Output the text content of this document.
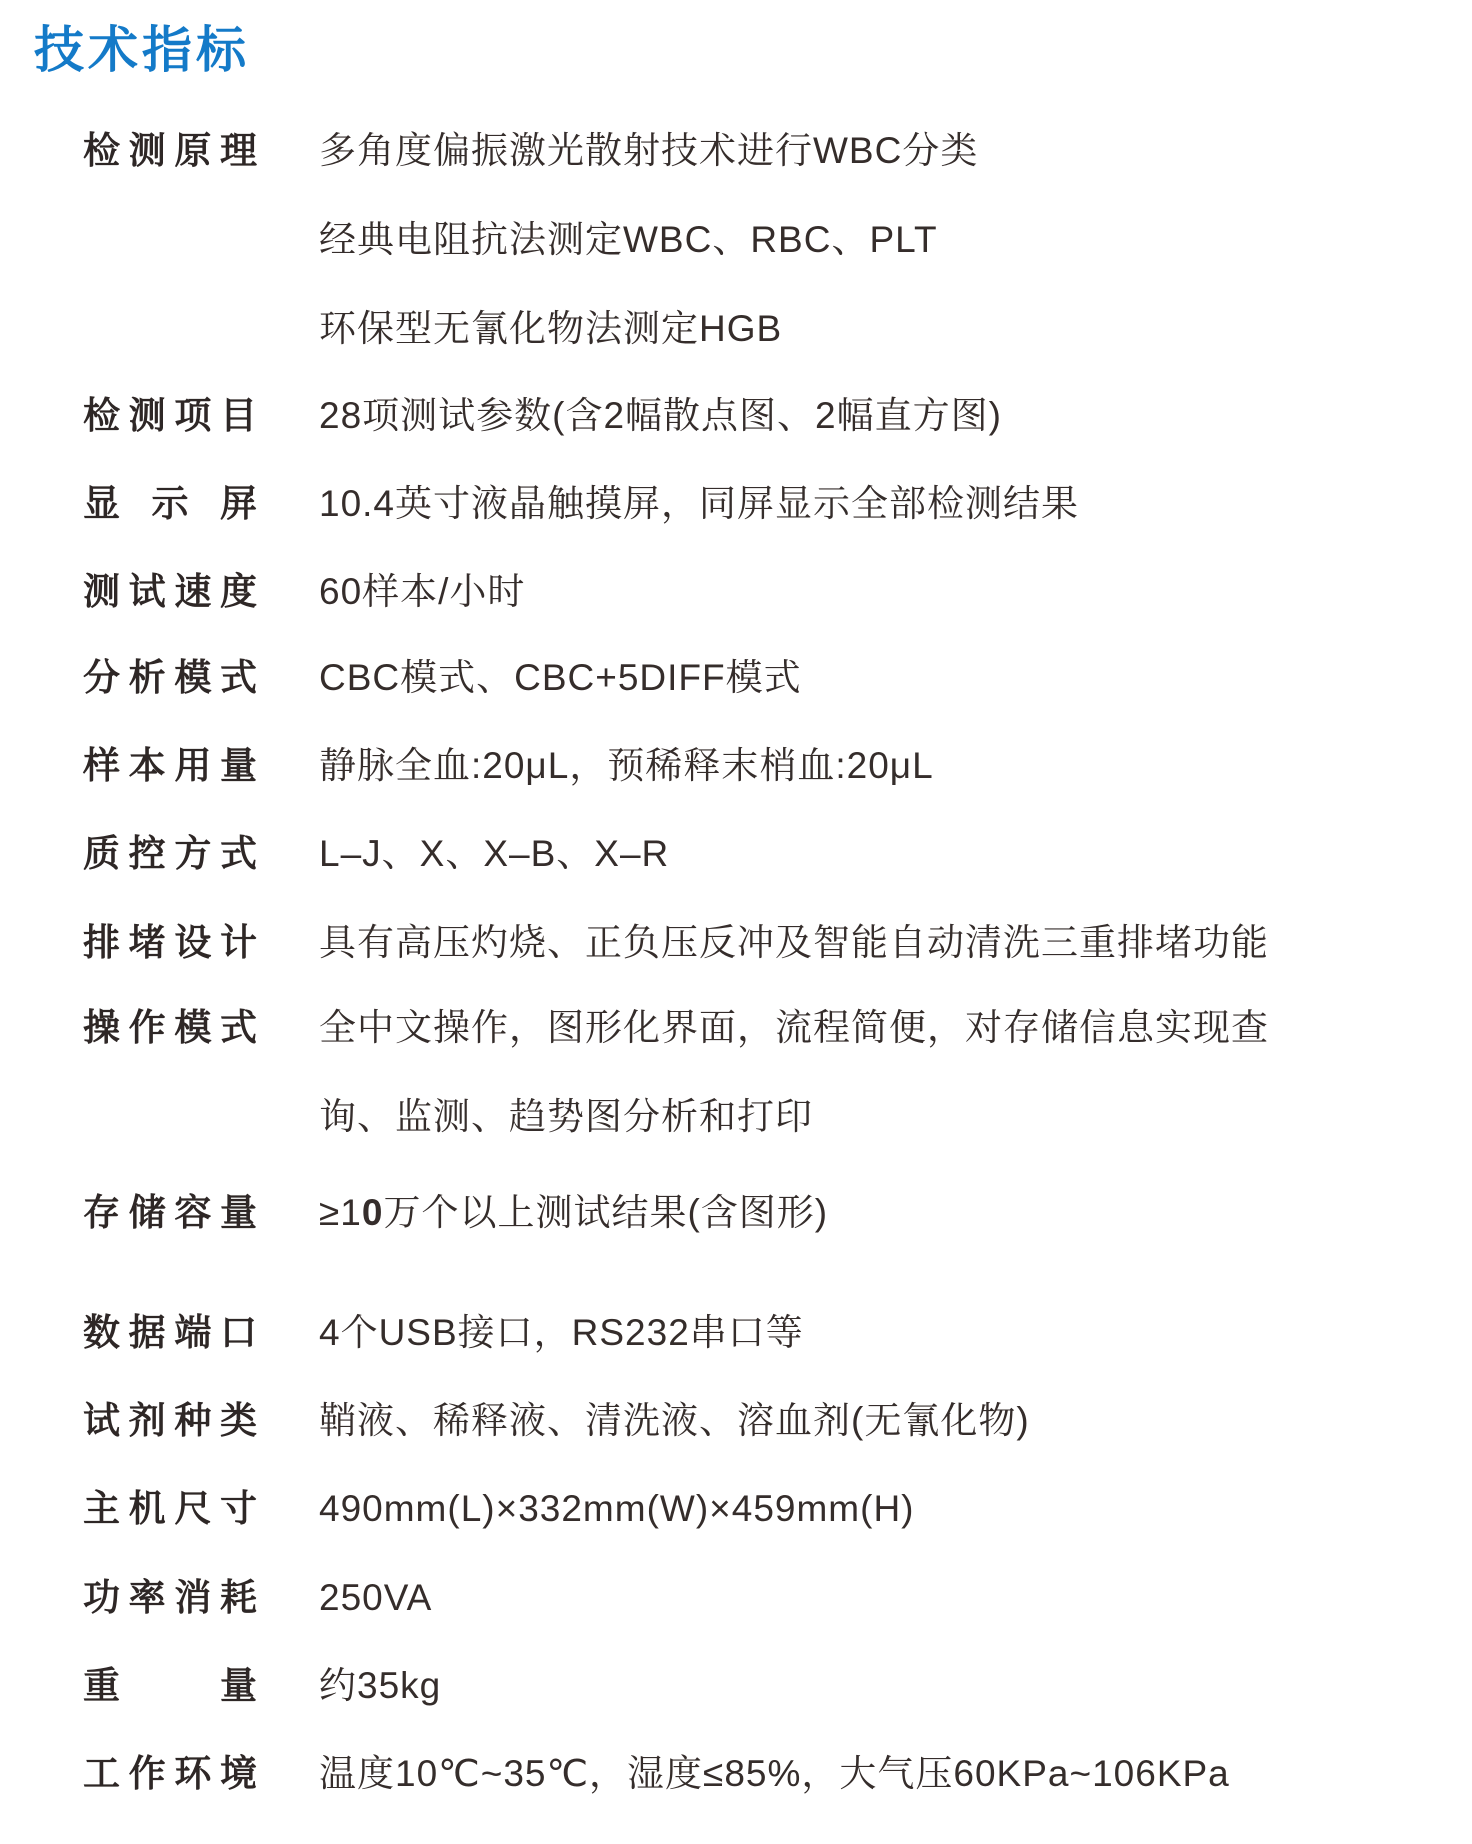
技术指标
检测原理 多角度偏振激光散射技术进行WBC分类
经典电阻抗法测定WBC、RBC、PLT
环保型无氰化物法测定HGB
检测项目 28项测试参数(含2幅散点图、2幅直方图)
显示屏 10.4英寸液晶触摸屏，同屏显示全部检测结果
测试速度 60样本/小时
分析模式 CBC模式、CBC+5DIFF模式
样本用量 静脉全血:20μL，预稀释末梢血:20μL
质控方式 L–J、X、X–B、X–R
排堵设计 具有高压灼烧、正负压反冲及智能自动清洗三重排堵功能
操作模式 全中文操作，图形化界面，流程简便，对存储信息实现查
询、监测、趋势图分析和打印
存储容量 ≥10万个以上测试结果(含图形)
数据端口 4个USB接口，RS232串口等
试剂种类 鞘液、稀释液、清洗液、溶血剂(无氰化物)
主机尺寸 490mm(L)×332mm(W)×459mm(H)
功率消耗 250VA
重量 约35kg
工作环境 温度10℃~35℃，湿度≤85%，大气压60KPa~106KPa
